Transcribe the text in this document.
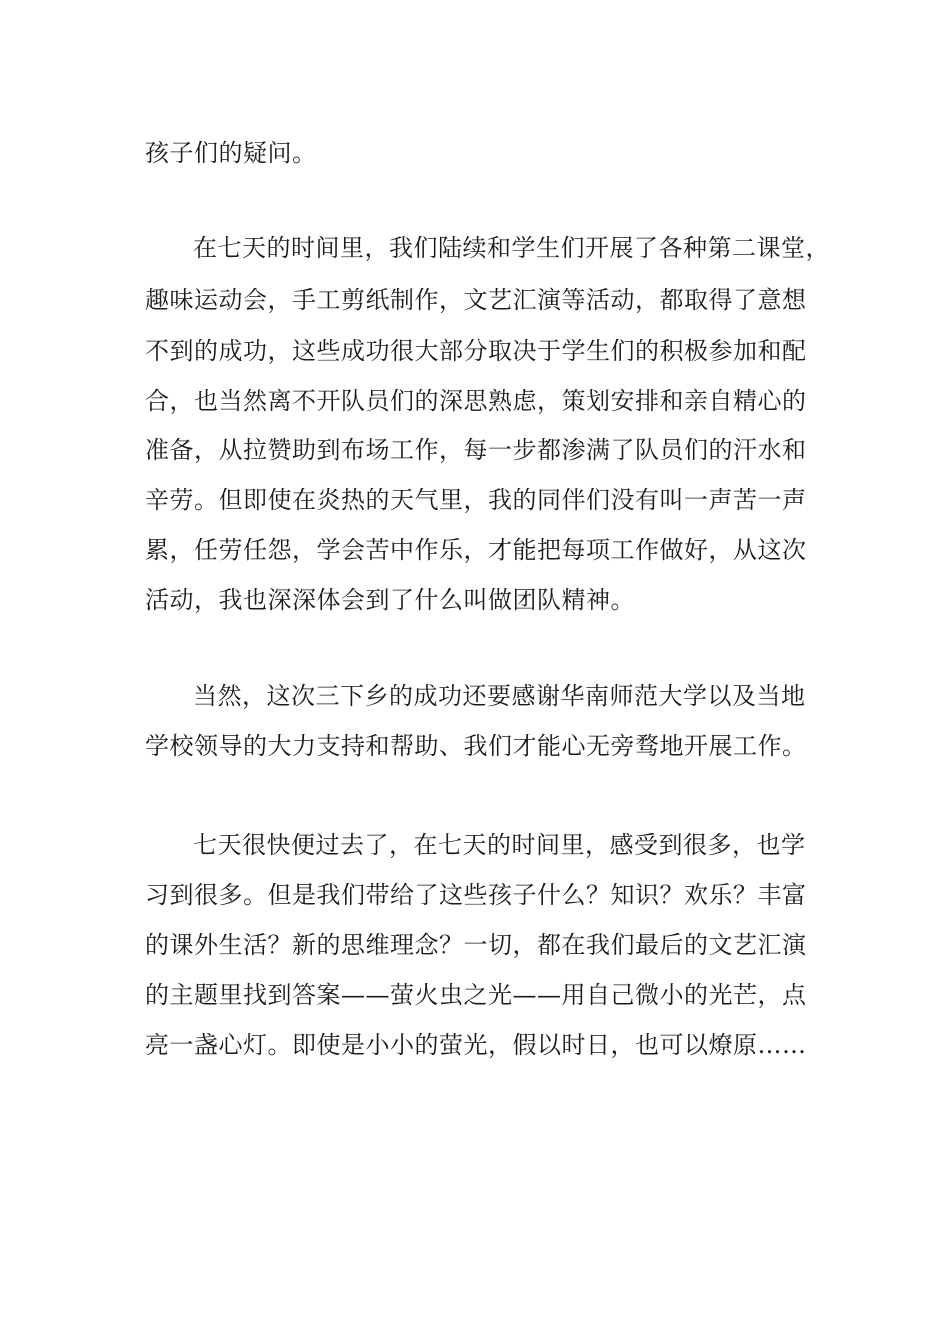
孩子们的疑问。
在七天的时间里，我们陆续和学生们开展了各种第二课堂，
趣味运动会，手工剪纸制作，文艺汇演等活动，都取得了意想
不到的成功，这些成功很大部分取决于学生们的积极参加和配
合，也当然离不开队员们的深思熟虑，策划安排和亲自精心的
准备，从拉赞助到布场工作，每一步都渗满了队员们的汗水和
辛劳。但即使在炎热的天气里，我的同伴们没有叫一声苦一声
累，任劳任怨，学会苦中作乐，才能把每项工作做好，从这次
活动，我也深深体会到了什么叫做团队精神。
当然，这次三下乡的成功还要感谢华南师范大学以及当地
学校领导的大力支持和帮助、我们才能心无旁骛地开展工作。
七天很快便过去了，在七天的时间里，感受到很多，也学
习到很多。但是我们带给了这些孩子什么？知识？欢乐？丰富
的课外生活？新的思维理念？一切，都在我们最后的文艺汇演
的主题里找到答案——萤火虫之光——用自己微小的光芒，点
亮一盏心灯。即使是小小的萤光，假以时日，也可以燎原……
